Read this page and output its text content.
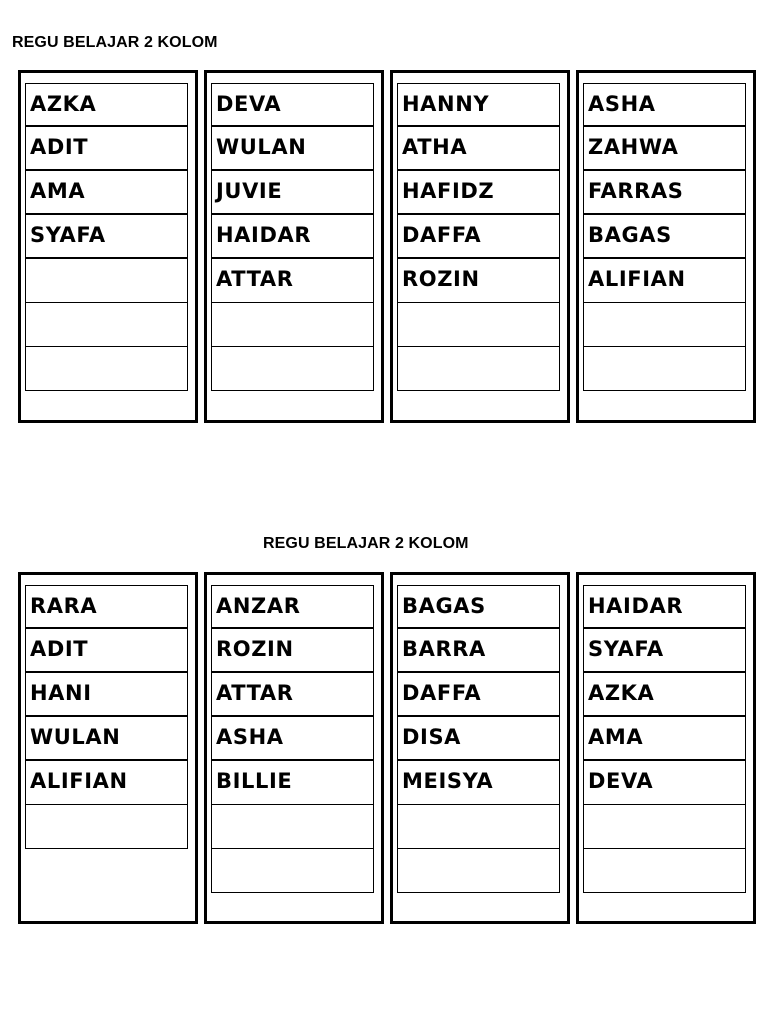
REGU BELAJAR 2 KOLOM
REGU BELAJAR 2 KOLOM
AZKA
ADIT
AMA
SYAFA
DEVA
WULAN
JUVIE
HAIDAR
ATTAR
HANNY
ATHA
HAFIDZ
DAFFA
ROZIN
ASHA
ZAHWA
FARRAS
BAGAS
ALIFIAN
RARA
ADIT
HANI
WULAN
ALIFIAN
ANZAR
ROZIN
ATTAR
ASHA
BILLIE
BAGAS
BARRA
DAFFA
DISA
MEISYA
HAIDAR
SYAFA
AZKA
AMA
DEVA
